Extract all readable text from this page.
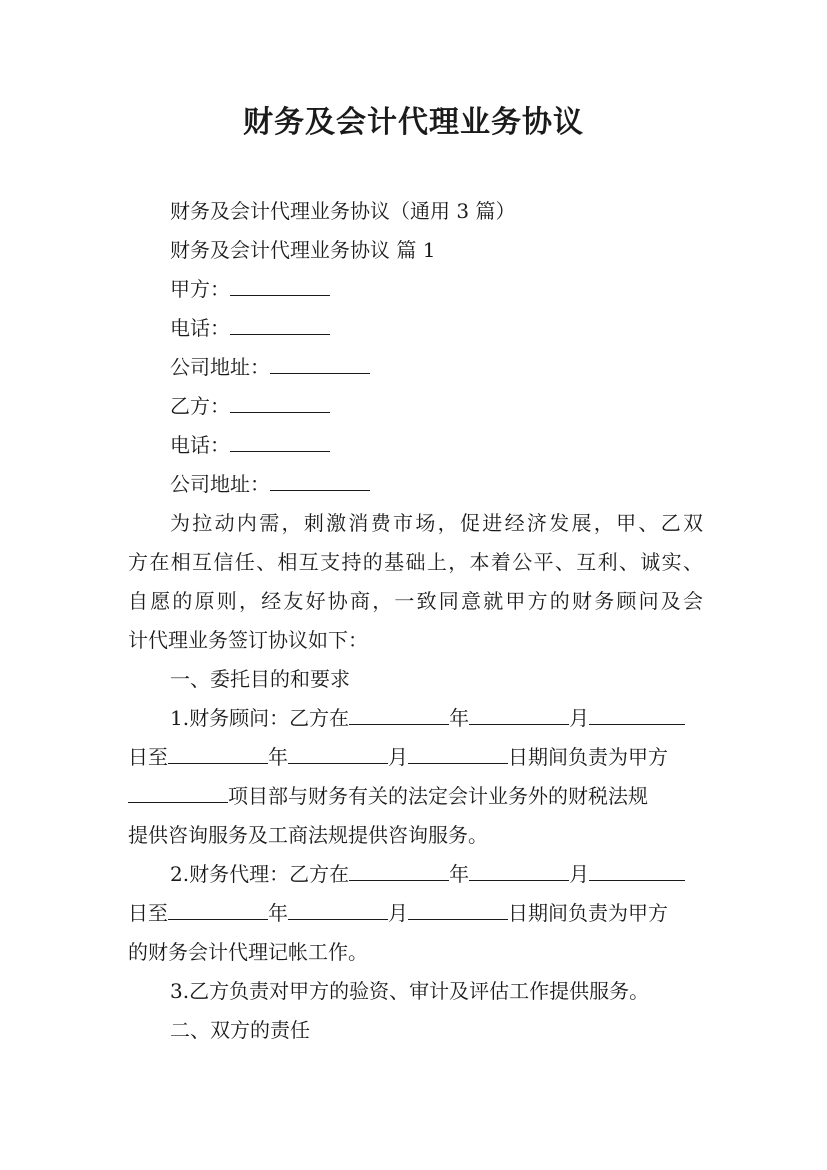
财务及会计代理业务协议
财务及会计代理业务协议（通用 3 篇）
财务及会计代理业务协议 篇 1
甲方：
电话：
公司地址：
乙方：
电话：
公司地址：
为拉动内需，刺激消费市场，促进经济发展，甲、乙双
方在相互信任、相互支持的基础上，本着公平、互利、诚实、
自愿的原则，经友好协商，一致同意就甲方的财务顾问及会
计代理业务签订协议如下：
一、委托目的和要求
1.财务顾问：乙方在	年	月
日至	年	月	日期间负责为甲方
项目部与财务有关的法定会计业务外的财税法规
提供咨询服务及工商法规提供咨询服务。
2.财务代理：乙方在	年	月
日至	年	月	日期间负责为甲方
的财务会计代理记帐工作。
3.乙方负责对甲方的验资、审计及评估工作提供服务。
二、双方的责任
